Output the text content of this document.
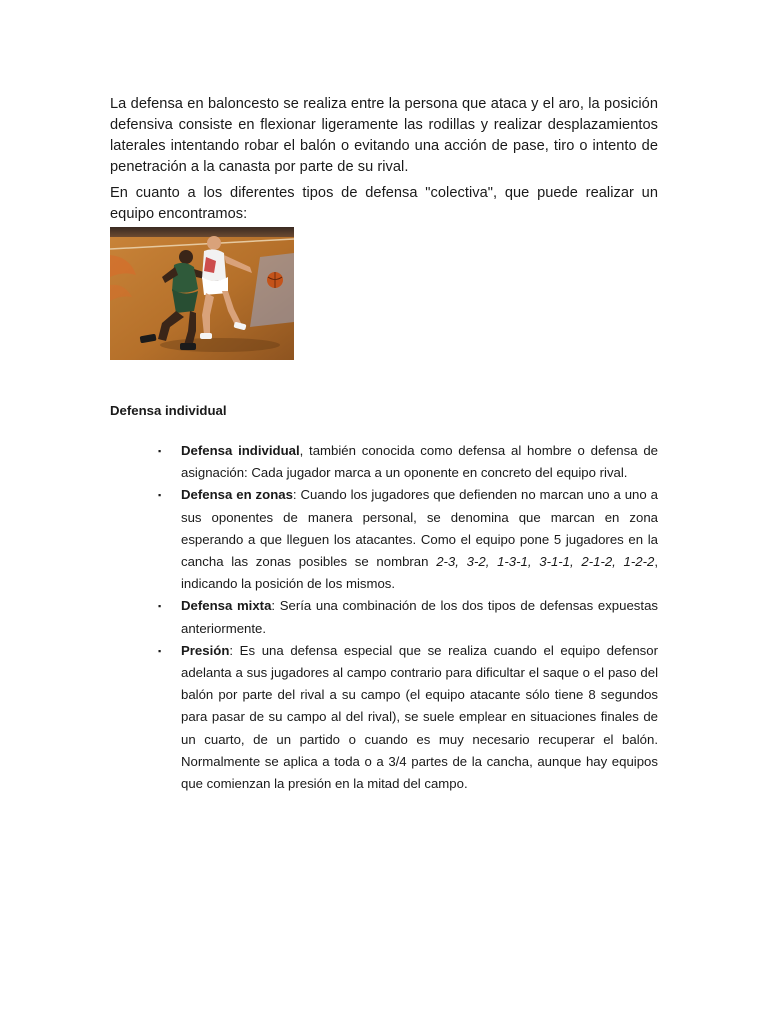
La defensa en baloncesto se realiza entre la persona que ataca y el aro, la posición defensiva consiste en flexionar ligeramente las rodillas y realizar desplazamientos laterales intentando robar el balón o evitando una acción de pase, tiro o intento de penetración a la canasta por parte de su rival.

En cuanto a los diferentes tipos de defensa "colectiva", que puede realizar un equipo encontramos:

Defensa individual
▪ Defensa individual, también conocida como defensa al hombre o defensa de asignación: Cada jugador marca a un oponente en concreto del equipo rival.
▪ Defensa en zonas: Cuando los jugadores que defienden no marcan uno a uno a sus oponentes de manera personal, se denomina que marcan en zona esperando a que lleguen los atacantes. Como el equipo pone 5 jugadores en la cancha las zonas posibles se nombran 2-3, 3-2, 1-3-1, 3-1-1, 2-1-2, 1-2-2, indicando la posición de los mismos.
▪ Defensa mixta: Sería una combinación de los dos tipos de defensas expuestas anteriormente.
▪ Presión: Es una defensa especial que se realiza cuando el equipo defensor adelanta a sus jugadores al campo contrario para dificultar el saque o el paso del balón por parte del rival a su campo (el equipo atacante sólo tiene 8 segundos para pasar de su campo al del rival), se suele emplear en situaciones finales de un cuarto, de un partido o cuando es muy necesario recuperar el balón. Normalmente se aplica a toda o a 3/4 partes de la cancha, aunque hay equipos que comienzan la presión en la mitad del campo.
